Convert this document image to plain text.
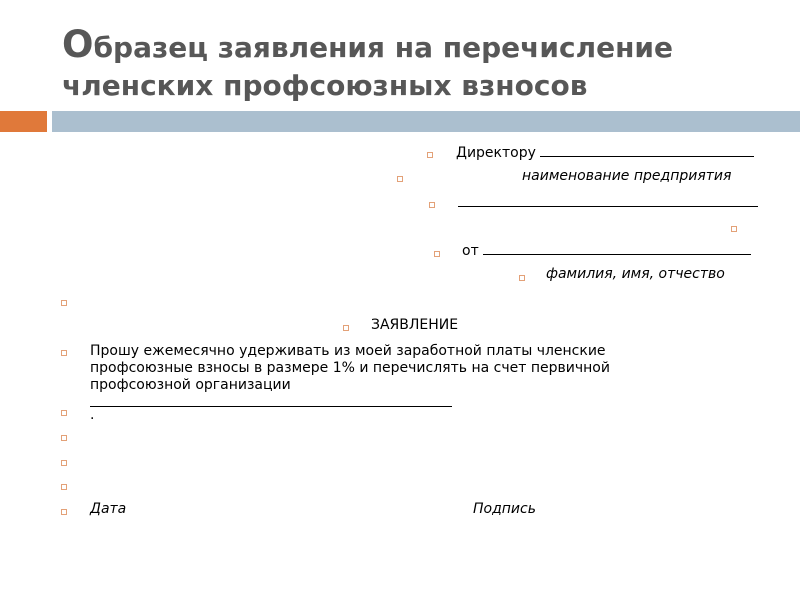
Образец заявления на перечисление
членских профсоюзных взносов
Директору
наименование предприятия
от
фамилия, имя, отчество
ЗАЯВЛЕНИЕ
Прошу ежемесячно удерживать из моей заработной платы членские
профсоюзные взносы в размере 1% и перечислять на счет первичной
профсоюзной организации
.
Дата	Подпись
